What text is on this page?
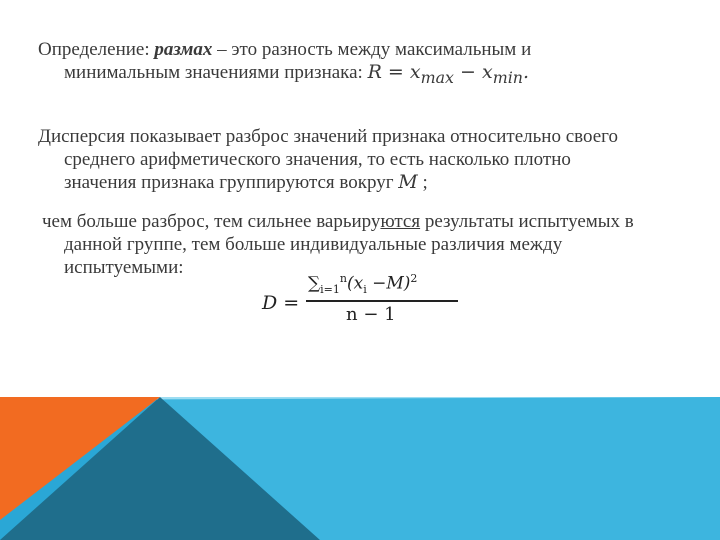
Определение: размах – это разность между максимальным и
минимальным значениями признака: $R = x_{max} - x_{min}$.
Дисперсия показывает разброс значений признака относительно своего
среднего арифметического значения, то есть насколько плотно
значения признака группируются вокруг M ;
чем больше разброс, тем сильнее варьируются результаты испытуемых в
данной группе, тем больше индивидуальные различия между
испытуемыми:
D =
$\sum_{i=1}^n(x_i -M)^2$
n − 1
